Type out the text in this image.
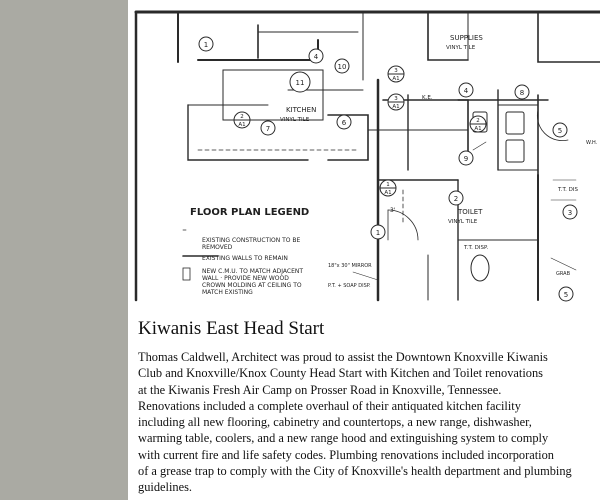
1
4
11
4
6
7
10
8
5
9
2
3
1
5
3
A1
3
A1
2
A1
1
A1
2
A1
SUPPLIES
VINYL TILE
KITCHEN
VINYL TILE
TOILET
VINYL TILE
K.E.
T.T. DIS
T.T. DISP.
GRAB
18"x 30" MIRROR
P.T. + SOAP DISP.
3'
W.H.
FLOOR PLAN LEGEND
EXISTING CONSTRUCTION TO BE
REMOVED
EXISTING WALLS TO REMAIN
NEW C.M.U. TO MATCH ADJACENT
WALL · PROVIDE NEW WOOD
CROWN MOLDING AT CEILING TO
MATCH EXISTING
Kiwanis East Head Start

Thomas Caldwell, Architect was proud to assist the Downtown Knoxville Kiwanis
Club and Knoxville/Knox County Head Start with Kitchen and Toilet renovations
at the Kiwanis Fresh Air Camp on Prosser Road in Knoxville, Tennessee.
Renovations included a complete overhaul of their antiquated kitchen facility
including all new flooring, cabinetry and countertops, a new range, dishwasher,
warming table, coolers, and a new range hood and extinguishing system to comply
with current fire and life safety codes. Plumbing renovations included incorporation
of a grease trap to comply with the City of Knoxville's health department and plumbing
guidelines.
